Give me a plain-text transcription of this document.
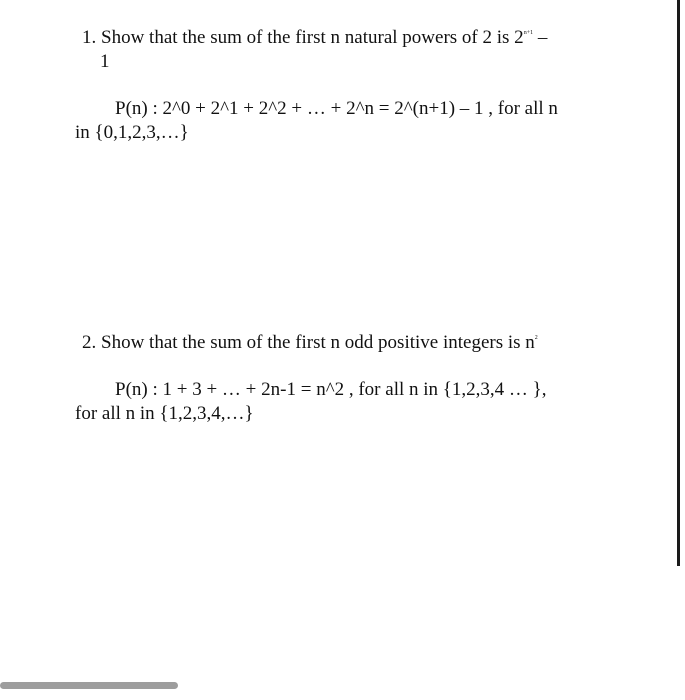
1. Show that the sum of the first n natural powers of 2 is $2^{n+1}$ –
1
P(n) : 2^0 + 2^1 + 2^2 + … + 2^n = 2^(n+1) – 1 , for all n
in {0,1,2,3,…}
2. Show that the sum of the first n odd positive integers is $n^2$
P(n) : 1 + 3 + … + 2n-1 = n^2 , for all n in {1,2,3,4 … },
for all n in {1,2,3,4,…}
